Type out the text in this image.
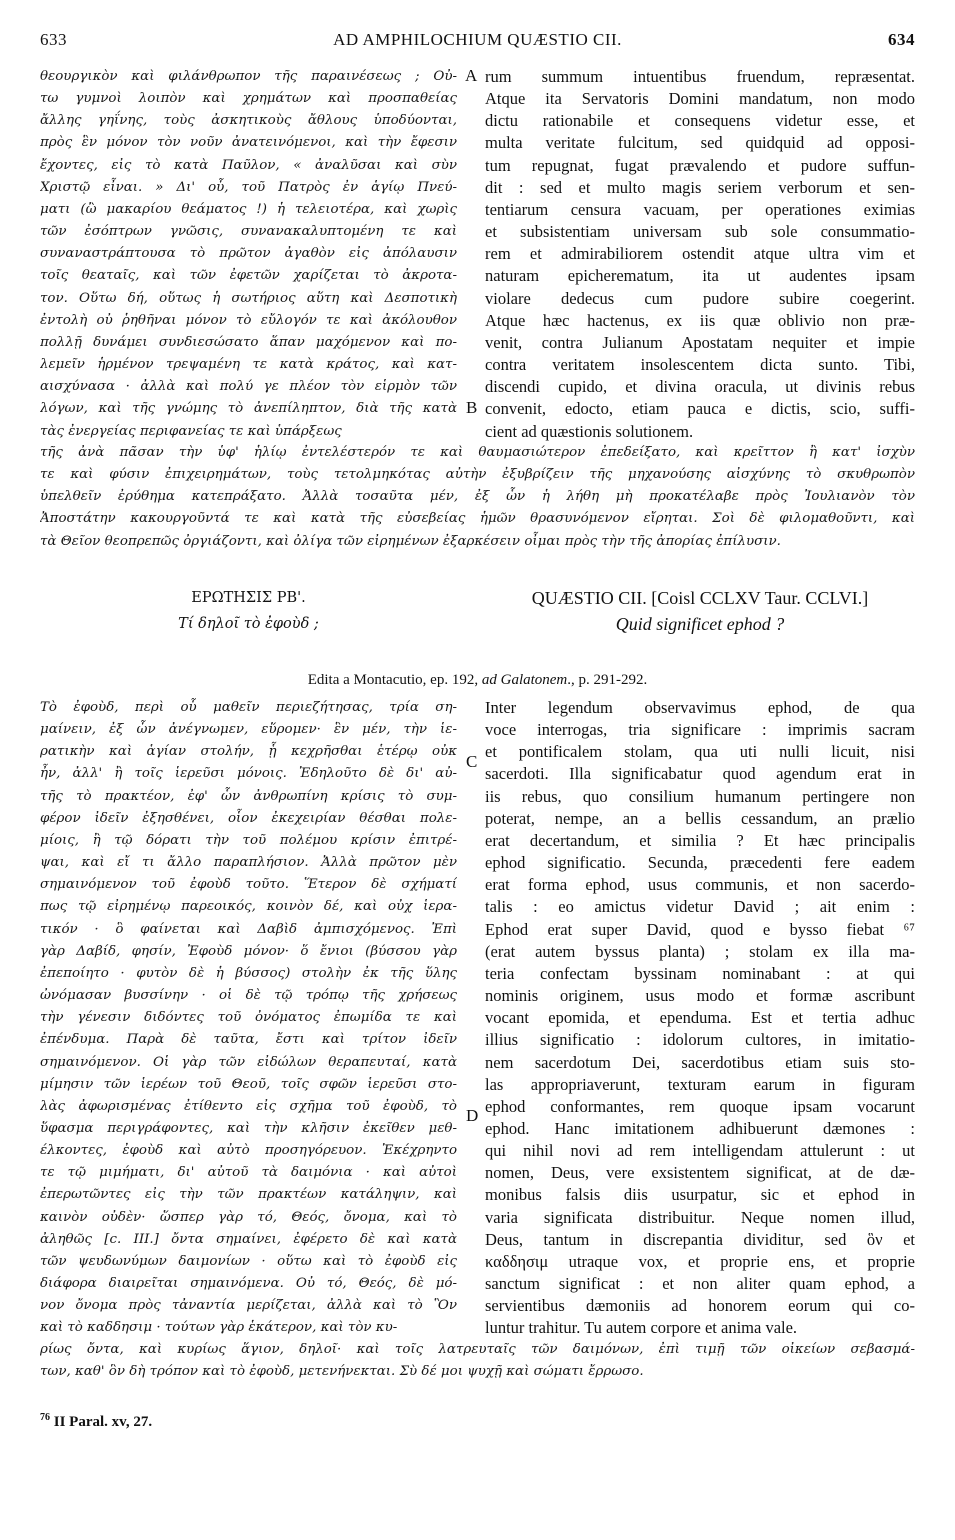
633	AD AMPHILOCHIUM QUÆSTIO CII.	634
θεουργικὸν καὶ φιλάνθρωπον τῆς παραινέσεως ; Οὐ-
τω γυμνοὶ λοιπὸν καὶ χρημάτων καὶ προσπαθείας
ἄλλης γηΐνης, τοὺς ἀσκητικοὺς ἄθλους ὑποδύονται,
πρὸς ἓν μόνον τὸν νοῦν ἀνατεινόμενοι, καὶ τὴν ἔφεσιν
ἔχοντες, εἰς τὸ κατὰ Παῦλον, « ἀναλῦσαι καὶ σὺν
Χριστῷ εἶναι. » Δι' οὗ, τοῦ Πατρὸς ἐν ἁγίῳ Πνεύ-
ματι (ὢ μακαρίου θεάματος !) ἡ τελειοτέρα, καὶ χωρὶς
τῶν ἐσόπτρων γνῶσις, συνανακαλυπτομένη τε καὶ
συναναστράπτουσα τὸ πρῶτον ἀγαθὸν εἰς ἀπόλαυσιν
τοῖς θεαταῖς, καὶ τῶν ἐφετῶν χαρίζεται τὸ ἀκροτα-
τον. Οὕτω δή, οὕτως ἡ σωτήριος αὕτη καὶ Δεσποτικὴ
ἐντολὴ οὐ ῥηθῆναι μόνον τὸ εὔλογόν τε καὶ ἀκόλουθον
πολλῇ δυνάμει συνδιεσώσατο ἅπαν μαχόμενον καὶ πο-
λεμεῖν ἡρμένον τρεψαμένη τε κατὰ κράτος, καὶ κατ-
αισχύνασα · ἀλλὰ καὶ πολύ γε πλέον τὸν εἱρμὸν τῶν
λόγων, καὶ τῆς γνώμης τὸ ἀνεπίληπτον, διὰ τῆς κατὰ
τὰς ἐνεργείας περιφανείας τε καὶ ὑπάρξεως
rum summum intuentibus fruendum, repræsentat.
Atque ita Servatoris Domini mandatum, non modo
dictu rationabile et consequens videtur esse, et
multa veritate fulcitum, sed quidquid ad opposi-
tum repugnat, fugat prævalendo et pudore suffun-
dit : sed et multo magis seriem verborum et sen-
tentiarum censura vacuam, per operationes eximias
et subsistentiam universam sub sole consummatio-
rem et admirabiliorem ostendit atque ultra vim et
naturam epicherematum, ita ut audentes ipsam
violare dedecus cum pudore subire coegerint.
Atque hæc hactenus, ex iis quæ oblivio non præ-
venit, contra Julianum Apostatam nequiter et impie
contra veritatem insolescentem dicta sunto. Tibi,
discendi cupido, et divina oracula, ut divinis rebus
convenit, edocto, etiam pauca e dictis, scio, suffi-
cient ad quæstionis solutionem.
A
B
τῆς ἀνὰ πᾶσαν τὴν ὑφ' ἡλίῳ ἐντελέστερόν τε καὶ θαυμασιώτερον ἐπεδείξατο, καὶ κρεῖττον ἢ κατ' ἰσχὺν
τε καὶ φύσιν ἐπιχειρημάτων, τοὺς τετολμηκότας αὐτὴν ἐξυβρίζειν τῆς μηχανούσης αἰσχύνης τὸ σκυθρωπὸν
ὑπελθεῖν ἐρύθημα κατεπράξατο. Ἀλλὰ τοσαῦτα μέν, ἐξ ὧν ἡ λήθη μὴ προκατέλαβε πρὸς Ἰουλιανὸν τὸν
Ἀποστάτην κακουργοῦντά τε καὶ κατὰ τῆς εὐσεβείας ἡμῶν θρασυνόμενον εἴρηται. Σοὶ δὲ φιλομαθοῦντι, καὶ
τὰ Θεῖον θεοπρεπῶς ὀργιάζοντι, καὶ ὀλίγα τῶν εἰρημένων ἐξαρκέσειν οἶμαι πρὸς τὴν τῆς ἀπορίας ἐπίλυσιν.
ΕΡΩΤΗΣΙΣ ΡΒ'.
Τί δηλοῖ τὸ ἐφοὺδ ;
QUÆSTIO CII. [Coisl CCLXV Taur. CCLVI.]
Quid significet ephod ?
Edita a Montacutio, ep. 192, ad Galatonem., p. 291-292.
Τὸ ἐφοὺδ, περὶ οὗ μαθεῖν περιεζήτησας, τρία ση-
μαίνειν, ἐξ ὧν ἀνέγνωμεν, εὕρομεν· ἓν μέν, τὴν ἱε-
ρατικὴν καὶ ἁγίαν στολήν, ᾗ κεχρῆσθαι ἑτέρῳ οὐκ
ἦν, ἀλλ' ἢ τοῖς ἱερεῦσι μόνοις. Ἐδηλοῦτο δὲ δι' αὐ-
τῆς τὸ πρακτέον, ἐφ' ὧν ἀνθρωπίνη κρίσις τὸ συμ-
φέρον ἰδεῖν ἐξησθένει, οἷον ἐκεχειρίαν θέσθαι πολε-
μίοις, ἢ τῷ δόρατι τὴν τοῦ πολέμου κρίσιν ἐπιτρέ-
ψαι, καὶ εἴ τι ἄλλο παραπλήσιον. Ἀλλὰ πρῶτον μὲν
σημαινόμενον τοῦ ἐφοὺδ τοῦτο. Ἕτερον δὲ σχήματί
πως τῷ εἰρημένῳ παρεοικός, κοινὸν δέ, καὶ οὐχ ἱερα-
τικόν · ὃ φαίνεται καὶ Δαβὶδ ἀμπισχόμενος. Ἐπὶ
γὰρ Δαβίδ, φησίν, Ἐφοὺδ μόνον· ὅ ἔνιοι (βύσσου γὰρ
ἐπεποίητο · φυτὸν δὲ ἡ βύσσος) στολὴν ἐκ τῆς ὕλης
ὠνόμασαν βυσσίνην · οἱ δὲ τῷ τρόπῳ τῆς χρήσεως
τὴν γένεσιν διδόντες τοῦ ὀνόματος ἐπωμίδα τε καὶ
ἐπένδυμα. Παρὰ δὲ ταῦτα, ἔστι καὶ τρίτον ἰδεῖν
σημαινόμενον. Οἱ γὰρ τῶν εἰδώλων θεραπευταί, κατὰ
μίμησιν τῶν ἱερέων τοῦ Θεοῦ, τοῖς σφῶν ἱερεῦσι στο-
λὰς ἀφωρισμένας ἐτίθεντο εἰς σχῆμα τοῦ ἐφοὺδ, τὸ
ὕφασμα περιγράφοντες, καὶ τὴν κλῆσιν ἐκεῖθεν μεθ-
έλκοντες, ἐφοὺδ καὶ αὐτὸ προσηγόρευον. Ἐκέχρηντο
τε τῷ μιμήματι, δι' αὐτοῦ τὰ δαιμόνια · καὶ αὐτοὶ
ἐπερωτῶντες εἰς τὴν τῶν πρακτέων κατάληψιν, καὶ
καινὸν οὐδὲν· ὥσπερ γὰρ τό, Θεός, ὄνομα, καὶ τὸ
ἀληθῶς [c. III.] ὄντα σημαίνει, ἐφέρετο δὲ καὶ κατὰ
τῶν ψευδωνύμων δαιμονίων · οὕτω καὶ τὸ ἐφοὺδ εἰς
διάφορα διαιρεῖται σημαινόμενα. Οὐ τό, Θεός, δὲ μό-
νον ὄνομα πρὸς τἀναντία μερίζεται, ἀλλὰ καὶ τὸ Ὃν
καὶ τὸ καδδησιμ · τούτων γὰρ ἑκάτερον, καὶ τὸν κυ-
Inter legendum observavimus ephod, de qua
voce interrogas, tria significare : imprimis sacram
et pontificalem stolam, qua uti nulli licuit, nisi
sacerdoti. Illa significabatur quod agendum erat in
iis rebus, quo consilium humanum pertingere non
poterat, nempe, an a bellis cessandum, an prælio
erat decertandum, et similia ? Et hæc principalis
ephod significatio. Secunda, præcedenti fere eadem
erat forma ephod, usus communis, et non sacerdo-
talis : eo amictus videtur David ; ait enim :
Ephod erat super David, quod e bysso fiebat ⁶⁷
(erat autem byssus planta) ; stolam ex illa ma-
teria confectam byssinam nominabant : at qui
nominis originem, usus modo et formæ ascribunt
vocant epomida, et ependuma. Est et tertia adhuc
illius significatio : idolorum cultores, in imitatio-
nem sacerdotum Dei, sacerdotibus etiam suis sto-
las appropriaverunt, texturam earum in figuram
ephod conformantes, rem quoque ipsam vocarunt
ephod. Hanc imitationem adhibuerunt dæmones :
qui nihil novi ad rem intelligendam attulerunt : ut
nomen, Deus, vere exsistentem significat, at de dæ-
monibus falsis diis usurpatur, sic et ephod in
varia significata distribuitur. Neque nomen illud,
Deus, tantum in discrepantia dividitur, sed ὃν et
καδδησιμ utraque vox, et proprie ens, et proprie
sanctum significat : et non aliter quam ephod, a
servientibus dæmoniis ad honorem eorum qui co-
luntur trahitur. Tu autem corpore et anima vale.
C
D
ρίως ὄντα, καὶ κυρίως ἅγιον, δηλοῖ· καὶ τοῖς λατρευταῖς τῶν δαιμόνων, ἐπὶ τιμῇ τῶν οἰκείων σεβασμά-
των, καθ' ὃν δὴ τρόπον καὶ τὸ ἐφοὺδ, μετενήνεκται. Σὺ δέ μοι ψυχῇ καὶ σώματι ἔρρωσο.
$^{76}$ II Paral. xv, 27.
